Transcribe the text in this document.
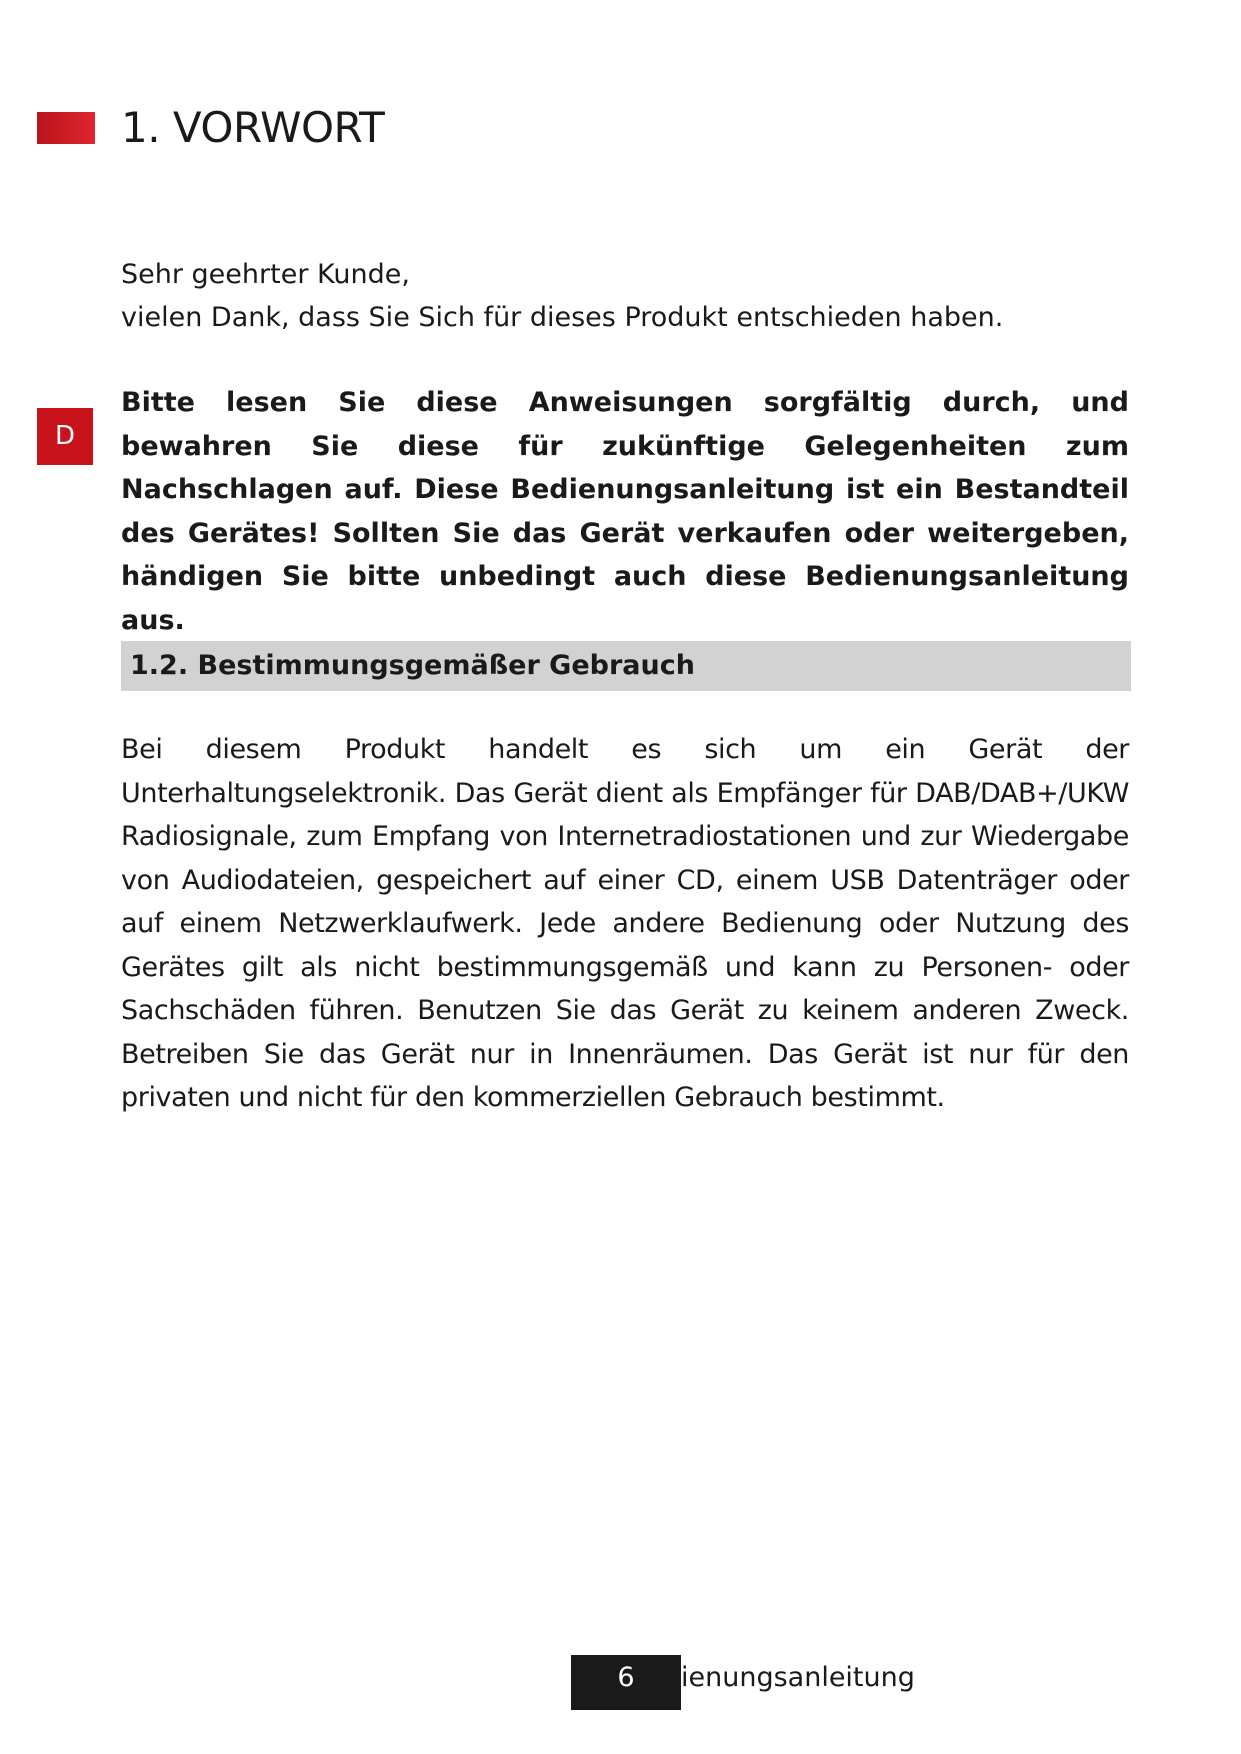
1. VORWORT
D

Sehr geehrter Kunde,
vielen Dank, dass Sie Sich für dieses Produkt entschieden haben.

Bitte lesen Sie diese Anweisungen sorgfältig durch, und bewahren Sie diese für zukünftige Gelegenheiten zum Nachschlagen auf. Diese Bedienungsanleitung ist ein Bestandteil des Gerätes! Sollten Sie das Gerät verkaufen oder weitergeben, händigen Sie bitte unbedingt auch diese Bedienungsanleitung aus.

1.2. Bestimmungsgemäßer Gebrauch

Bei diesem Produkt handelt es sich um ein Gerät der Unterhaltungselektronik. Das Gerät dient als Empfänger für DAB/DAB+/UKW Radiosignale, zum Empfang von Internetradiostationen und zur Wiedergabe von Audiodateien, gespeichert auf einer CD, einem USB Datenträger oder auf einem Netzwerklaufwerk. Jede andere Bedienung oder Nutzung des Gerätes gilt als nicht bestimmungsgemäß und kann zu Personen- oder Sachschäden führen. Benutzen Sie das Gerät zu keinem anderen Zweck. Betreiben Sie das Gerät nur in Innenräumen. Das Gerät ist nur für den privaten und nicht für den kommerziellen Gebrauch bestimmt.

6	ienungsanleitung
